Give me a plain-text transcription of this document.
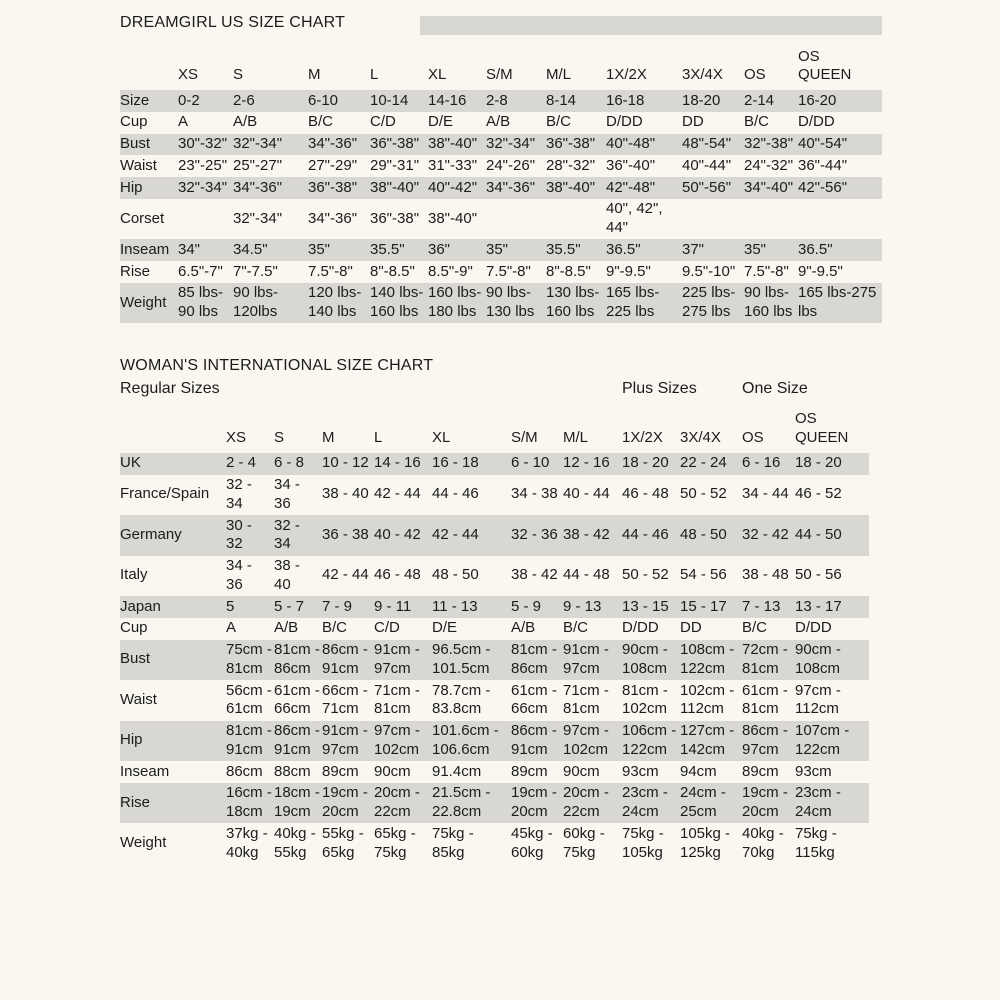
DREAMGIRL US SIZE CHART
	XS	S	M	L	XL	S/M	M/L	1X/2X	3X/4X	OS	OS QUEEN
Size	0-2	2-6	6-10	10-14	14-16	2-8	8-14	16-18	18-20	2-14	16-20
Cup	A	A/B	B/C	C/D	D/E	A/B	B/C	D/DD	DD	B/C	D/DD
Bust	30"-32"	32"-34"	34"-36"	36"-38"	38"-40"	32"-34"	36"-38"	40"-48"	48"-54"	32"-38"	40"-54"
Waist	23"-25"	25"-27"	27"-29"	29"-31"	31"-33"	24"-26"	28"-32"	36"-40"	40"-44"	24"-32"	36"-44"
Hip	32"-34"	34"-36"	36"-38"	38"-40"	40"-42"	34"-36"	38"-40"	42"-48"	50"-56"	34"-40"	42"-56"
Corset		32"-34"	34"-36"	36"-38"	38"-40"			40", 42", 44"			
Inseam	34"	34.5"	35"	35.5"	36"	35"	35.5"	36.5"	37"	35"	36.5"
Rise	6.5"-7"	7"-7.5"	7.5"-8"	8"-8.5"	8.5"-9"	7.5"-8"	8"-8.5"	9"-9.5"	9.5"-10"	7.5"-8"	9"-9.5"
Weight	85 lbs-90 lbs	90 lbs-120lbs	120 lbs-140 lbs	140 lbs-160 lbs	160 lbs-180 lbs	90 lbs-130 lbs	130 lbs-160 lbs	165 lbs-225 lbs	225 lbs-275 lbs	90 lbs-160 lbs	165 lbs-275 lbs
WOMAN'S INTERNATIONAL SIZE CHART
Regular Sizes								Plus Sizes		One Size	
	XS	S	M	L	XL	S/M	M/L	1X/2X	3X/4X	OS	OS QUEEN
UK	2 - 4	6 - 8	10 - 12	14 - 16	16 - 18	6 - 10	12 - 16	18 - 20	22 - 24	6 - 16	18 - 20
France/Spain	32 - 34	34 - 36	38 - 40	42 - 44	44 - 46	34 - 38	40 - 44	46 - 48	50 - 52	34 - 44	46 - 52
Germany	30 - 32	32 - 34	36 - 38	40 - 42	42 - 44	32 - 36	38 - 42	44 - 46	48 - 50	32 - 42	44 - 50
Italy	34 - 36	38 - 40	42 - 44	46 - 48	48 - 50	38 - 42	44 - 48	50 - 52	54 - 56	38 - 48	50 - 56
Japan	5	5 - 7	7 - 9	9 - 11	11 - 13	5 - 9	9 - 13	13 - 15	15 - 17	7 - 13	13 - 17
Cup	A	A/B	B/C	C/D	D/E	A/B	B/C	D/DD	DD	B/C	D/DD
Bust	75cm - 81cm	81cm - 86cm	86cm - 91cm	91cm - 97cm	96.5cm - 101.5cm	81cm - 86cm	91cm - 97cm	90cm - 108cm	108cm - 122cm	72cm - 81cm	90cm - 108cm
Waist	56cm - 61cm	61cm - 66cm	66cm - 71cm	71cm - 81cm	78.7cm - 83.8cm	61cm - 66cm	71cm - 81cm	81cm - 102cm	102cm - 112cm	61cm - 81cm	97cm - 112cm
Hip	81cm - 91cm	86cm - 91cm	91cm - 97cm	97cm - 102cm	101.6cm - 106.6cm	86cm - 91cm	97cm - 102cm	106cm - 122cm	127cm - 142cm	86cm - 97cm	107cm - 122cm
Inseam	86cm	88cm	89cm	90cm	91.4cm	89cm	90cm	93cm	94cm	89cm	93cm
Rise	16cm - 18cm	18cm - 19cm	19cm - 20cm	20cm - 22cm	21.5cm - 22.8cm	19cm - 20cm	20cm - 22cm	23cm - 24cm	24cm - 25cm	19cm - 20cm	23cm - 24cm
Weight	37kg - 40kg	40kg - 55kg	55kg - 65kg	65kg - 75kg	75kg - 85kg	45kg - 60kg	60kg - 75kg	75kg - 105kg	105kg - 125kg	40kg - 70kg	75kg - 115kg
